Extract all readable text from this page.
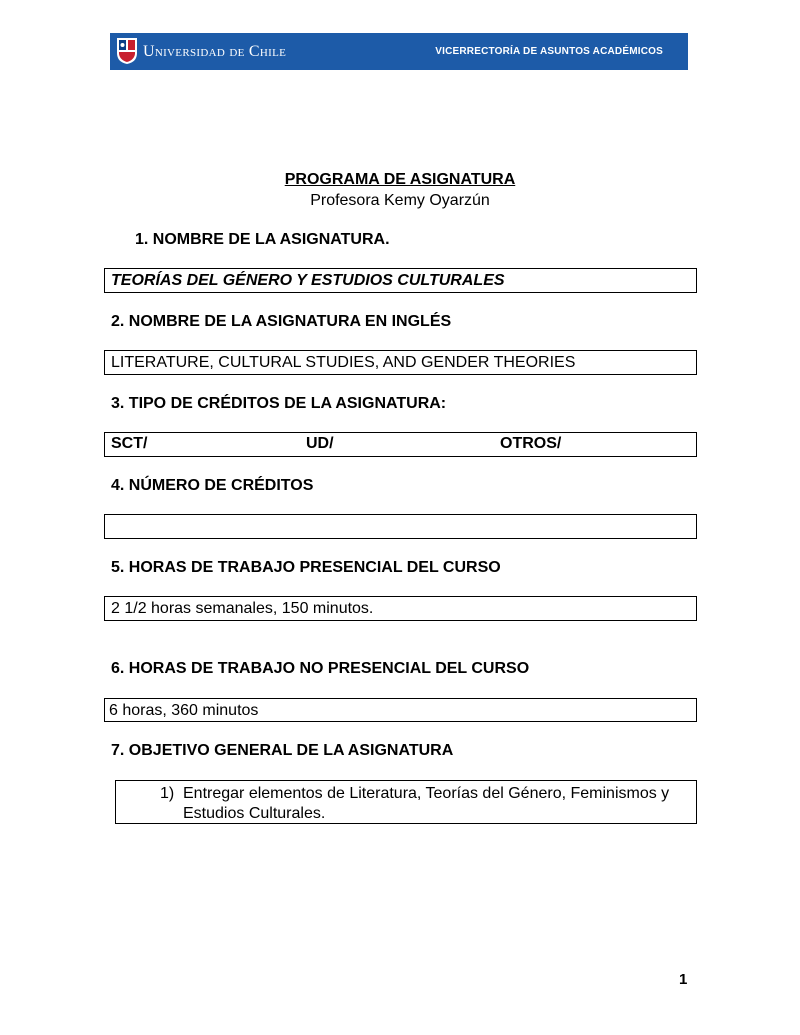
Universidad de Chile	VICERRECTORÍA DE ASUNTOS ACADÉMICOS
PROGRAMA DE ASIGNATURA
Profesora Kemy Oyarzún
1. NOMBRE DE LA ASIGNATURA.
TEORÍAS DEL GÉNERO Y ESTUDIOS CULTURALES
2. NOMBRE DE LA ASIGNATURA EN INGLÉS
LITERATURE, CULTURAL STUDIES, AND GENDER THEORIES
3. TIPO DE CRÉDITOS DE LA ASIGNATURA:
SCT/	UD/	OTROS/
4. NÚMERO DE CRÉDITOS
5. HORAS DE TRABAJO PRESENCIAL DEL CURSO
2 1/2 horas semanales, 150 minutos.
6. HORAS DE TRABAJO NO PRESENCIAL DEL CURSO
6 horas, 360 minutos
7. OBJETIVO GENERAL DE LA ASIGNATURA
1) Entregar elementos de Literatura, Teorías del Género, Feminismos y Estudios Culturales.
1
